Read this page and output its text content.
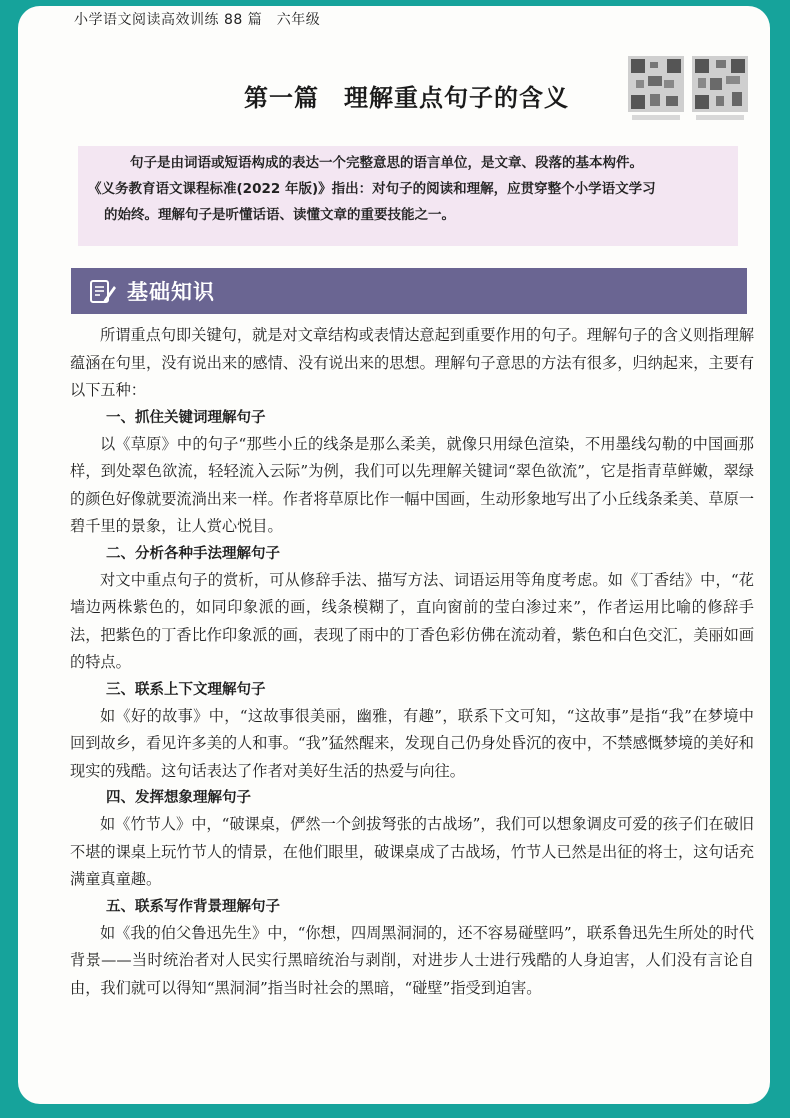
小学语文阅读高效训练 88 篇　六年级
第一篇　理解重点句子的含义

句子是由词语或短语构成的表达一个完整意思的语言单位，是文章、段落的基本构件。

《义务教育语文课程标准(2022 年版)》指出：对句子的阅读和理解，应贯穿整个小学语文学习

的始终。理解句子是听懂话语、读懂文章的重要技能之一。

基础知识

所谓重点句即关键句，就是对文章结构或表情达意起到重要作用的句子。理解句子的含义则指理解蕴涵在句里，没有说出来的感情、没有说出来的思想。理解句子意思的方法有很多，归纳起来，主要有以下五种：

一、抓住关键词理解句子

以《草原》中的句子“那些小丘的线条是那么柔美，就像只用绿色渲染，不用墨线勾勒的中国画那样，到处翠色欲流，轻轻流入云际”为例，我们可以先理解关键词“翠色欲流”，它是指青草鲜嫩，翠绿的颜色好像就要流淌出来一样。作者将草原比作一幅中国画，生动形象地写出了小丘线条柔美、草原一碧千里的景象，让人赏心悦目。

二、分析各种手法理解句子

对文中重点句子的赏析，可从修辞手法、描写方法、词语运用等角度考虑。如《丁香结》中，“花墙边两株紫色的，如同印象派的画，线条模糊了，直向窗前的莹白渗过来”，作者运用比喻的修辞手法，把紫色的丁香比作印象派的画，表现了雨中的丁香色彩仿佛在流动着，紫色和白色交汇，美丽如画的特点。

三、联系上下文理解句子

如《好的故事》中，“这故事很美丽，幽雅，有趣”，联系下文可知，“这故事”是指“我”在梦境中回到故乡，看见许多美的人和事。“我”猛然醒来，发现自己仍身处昏沉的夜中，不禁感慨梦境的美好和现实的残酷。这句话表达了作者对美好生活的热爱与向往。

四、发挥想象理解句子

如《竹节人》中，“破课桌，俨然一个剑拔弩张的古战场”，我们可以想象调皮可爱的孩子们在破旧不堪的课桌上玩竹节人的情景，在他们眼里，破课桌成了古战场，竹节人已然是出征的将士，这句话充满童真童趣。

五、联系写作背景理解句子

如《我的伯父鲁迅先生》中，“你想，四周黑洞洞的，还不容易碰壁吗”，联系鲁迅先生所处的时代背景——当时统治者对人民实行黑暗统治与剥削，对进步人士进行残酷的人身迫害，人们没有言论自由，我们就可以得知“黑洞洞”指当时社会的黑暗，“碰壁”指受到迫害。
